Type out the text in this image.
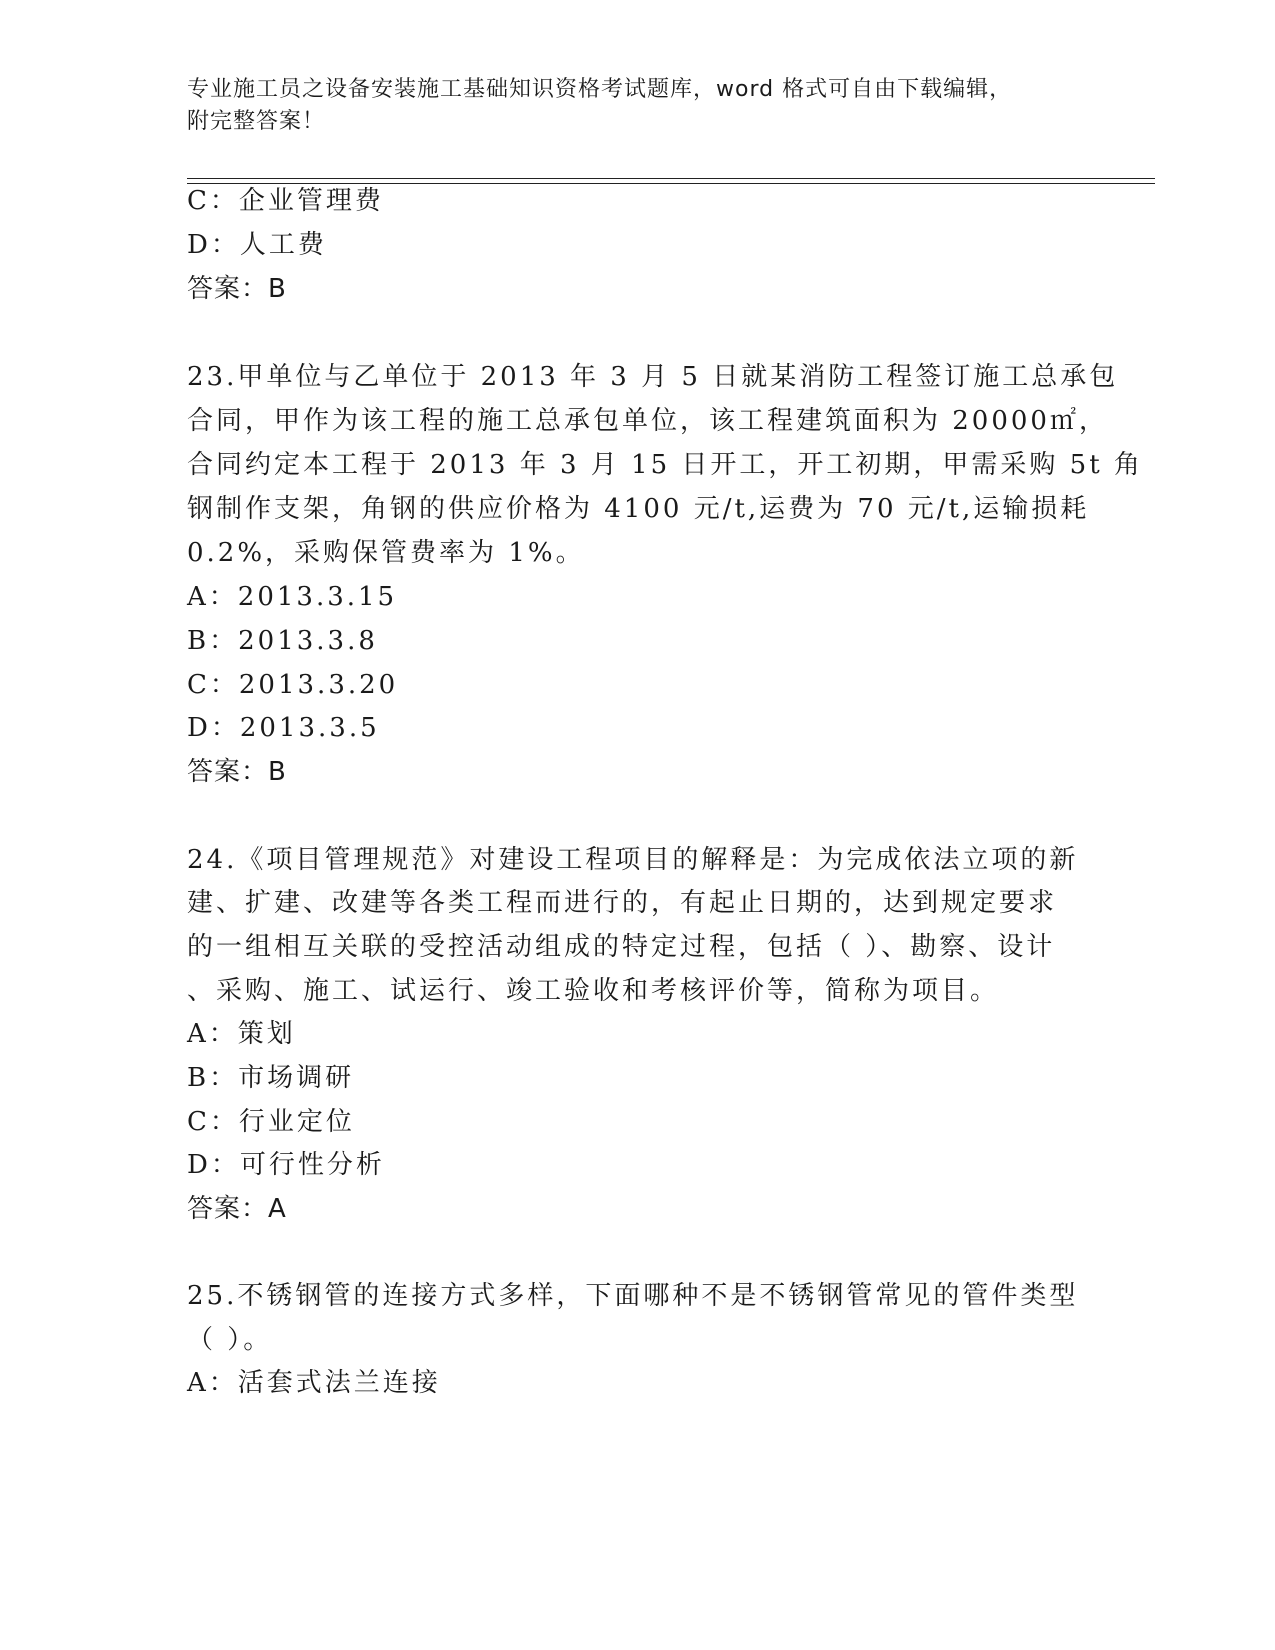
专业施工员之设备安装施工基础知识资格考试题库，word 格式可自由下载编辑，
附完整答案！
C：企业管理费
D：人工费
答案：B
23.甲单位与乙单位于 2013 年 3 月 5 日就某消防工程签订施工总承包
合同，甲作为该工程的施工总承包单位，该工程建筑面积为 20000㎡，
合同约定本工程于 2013 年 3 月 15 日开工，开工初期，甲需采购 5t 角
钢制作支架，角钢的供应价格为 4100 元/t,运费为 70 元/t,运输损耗
0.2%，采购保管费率为 1%。
A：2013.3.15
B：2013.3.8
C：2013.3.20
D：2013.3.5
答案：B
24.《项目管理规范》对建设工程项目的解释是：为完成依法立项的新
建、扩建、改建等各类工程而进行的，有起止日期的，达到规定要求
的一组相互关联的受控活动组成的特定过程，包括（ ）、勘察、设计
、采购、施工、试运行、竣工验收和考核评价等，简称为项目。
A：策划
B：市场调研
C：行业定位
D：可行性分析
答案：A
25.不锈钢管的连接方式多样，下面哪种不是不锈钢管常见的管件类型
（ ）。
A：活套式法兰连接
